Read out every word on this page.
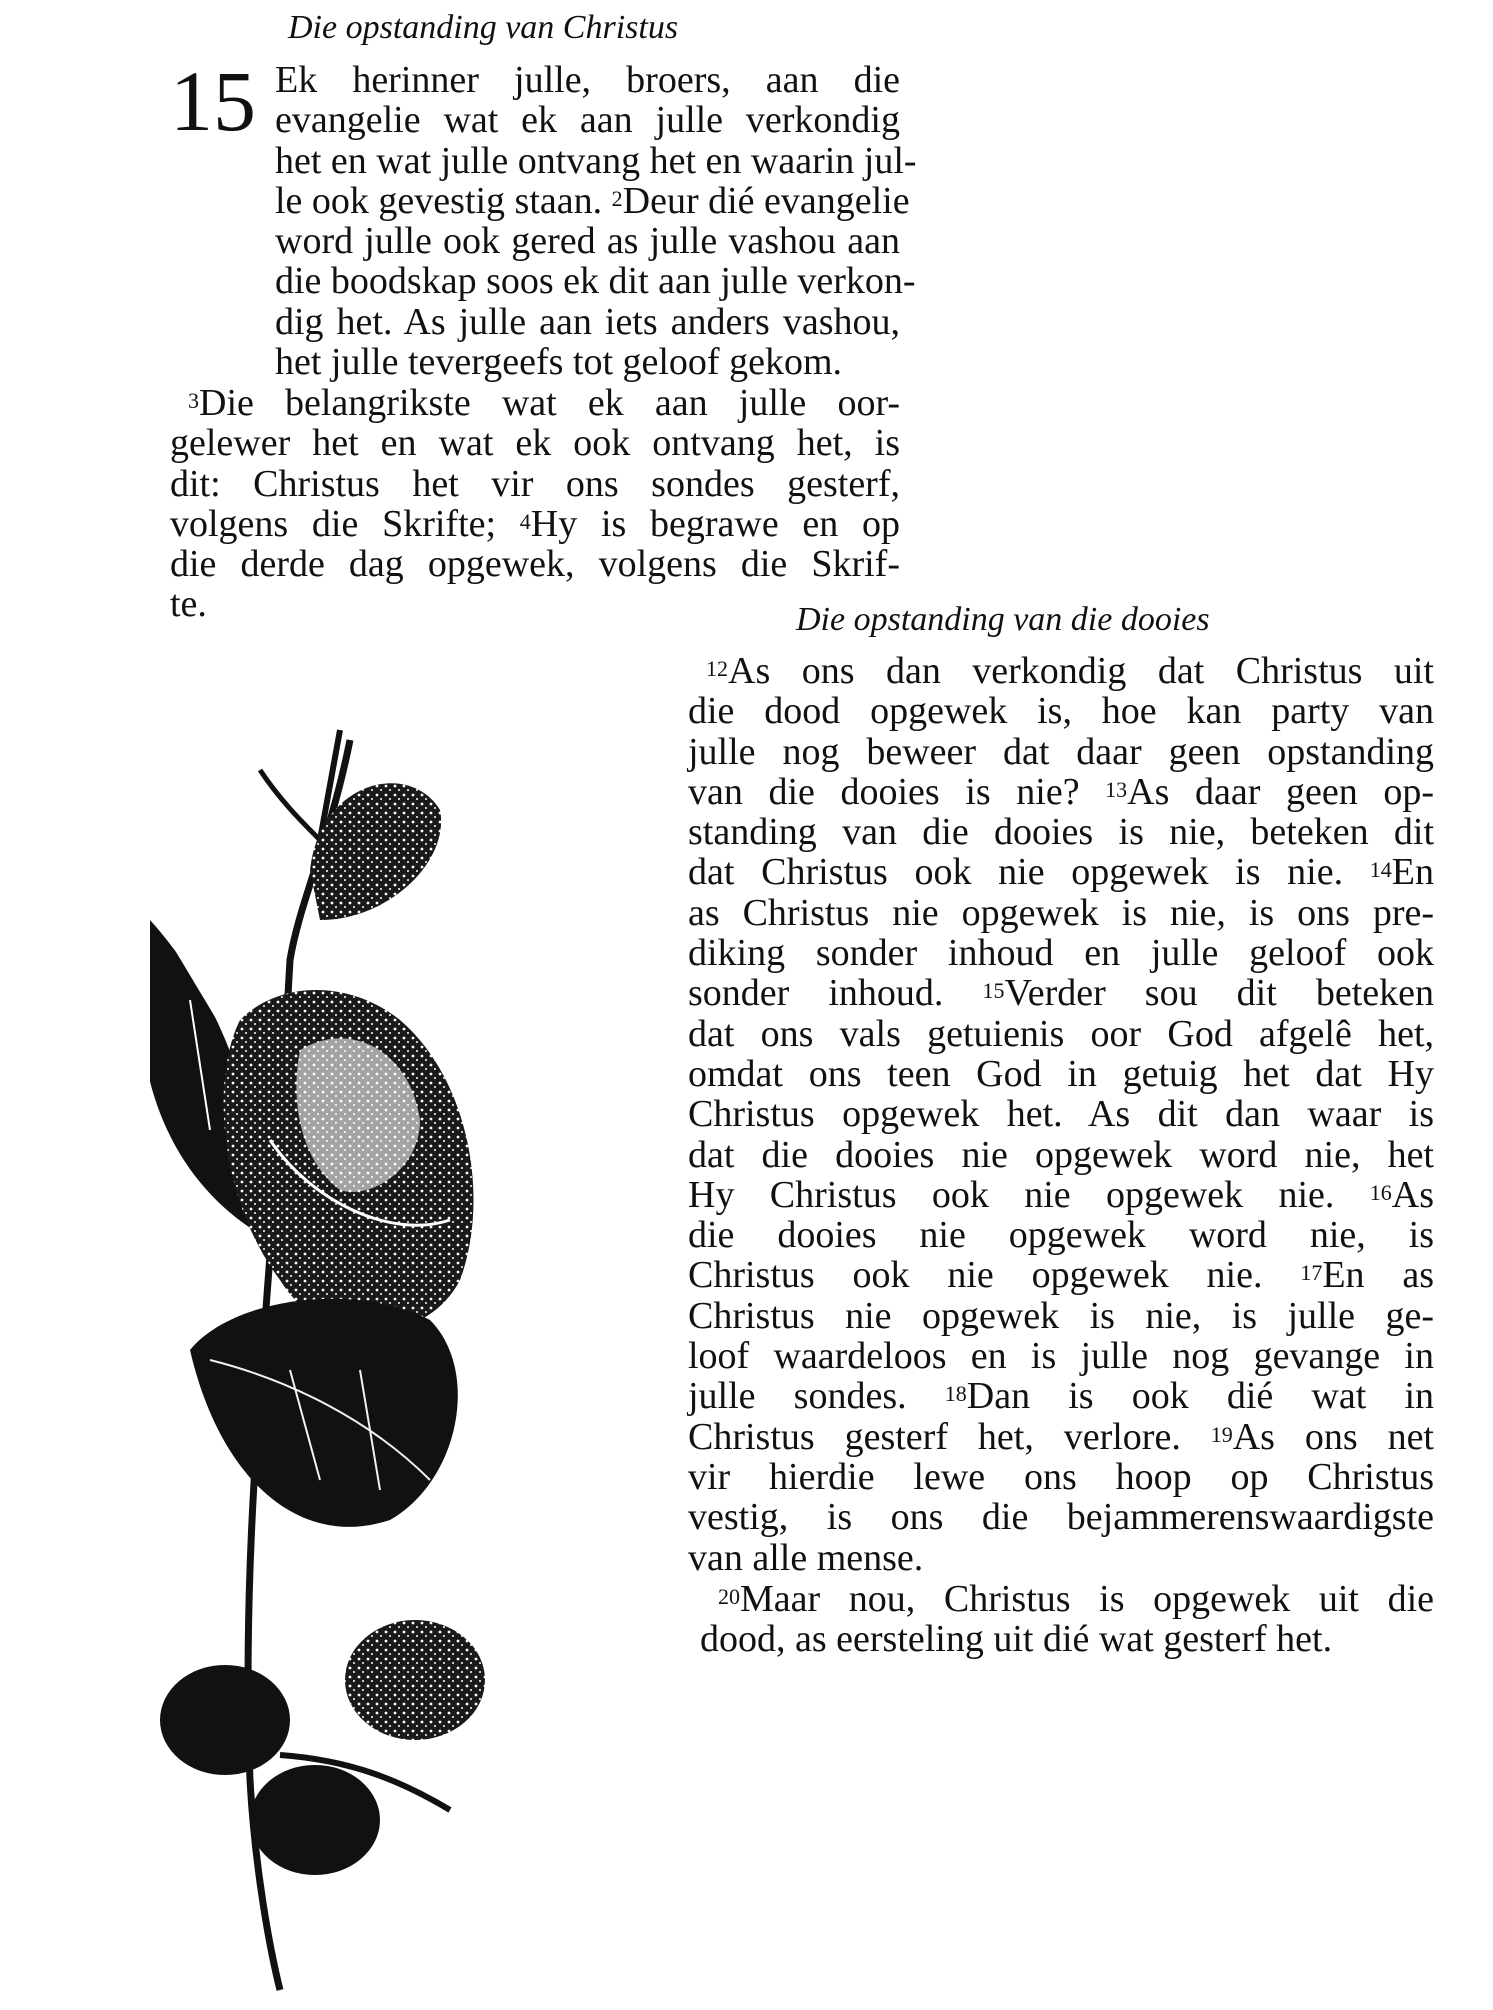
Die opstanding van Christus
15 Ek herinner julle, broers, aan die
evangelie wat ek aan julle verkondig
het en wat julle ontvang het en waarin jul-
le ook gevestig staan. $^2$Deur dié evangelie
word julle ook gered as julle vashou aan
die boodskap soos ek dit aan julle verkon-
dig het. As julle aan iets anders vashou,
het julle tevergeefs tot geloof gekom.
$^3$Die belangrikste wat ek aan julle oor-
gelewer het en wat ek ook ontvang het, is
dit: Christus het vir ons sondes gesterf,
volgens die Skrifte; $^4$Hy is begrawe en op
die derde dag opgewek, volgens die Skrif-
te.	Die opstanding van die dooies
$^{12}$As ons dan verkondig dat Christus uit
die dood opgewek is, hoe kan party van
julle nog beweer dat daar geen opstanding
van die dooies is nie? $^{13}$As daar geen op-
standing van die dooies is nie, beteken dit
dat Christus ook nie opgewek is nie. $^{14}$En
as Christus nie opgewek is nie, is ons pre-
diking sonder inhoud en julle geloof ook
sonder inhoud. $^{15}$Verder sou dit beteken
dat ons vals getuienis oor God afgelê het,
omdat ons teen God in getuig het dat Hy
Christus opgewek het. As dit dan waar is
dat die dooies nie opgewek word nie, het
Hy Christus ook nie opgewek nie. $^{16}$As
die dooies nie opgewek word nie, is
Christus ook nie opgewek nie. $^{17}$En as
Christus nie opgewek is nie, is julle ge-
loof waardeloos en is julle nog gevange in
julle sondes. $^{18}$Dan is ook dié wat in
Christus gesterf het, verlore. $^{19}$As ons net
vir hierdie lewe ons hoop op Christus
vestig, is ons die bejammerenswaardigste
van alle mense.
$^{20}$Maar nou, Christus is opgewek uit die
dood, as eersteling uit dié wat gesterf het.
